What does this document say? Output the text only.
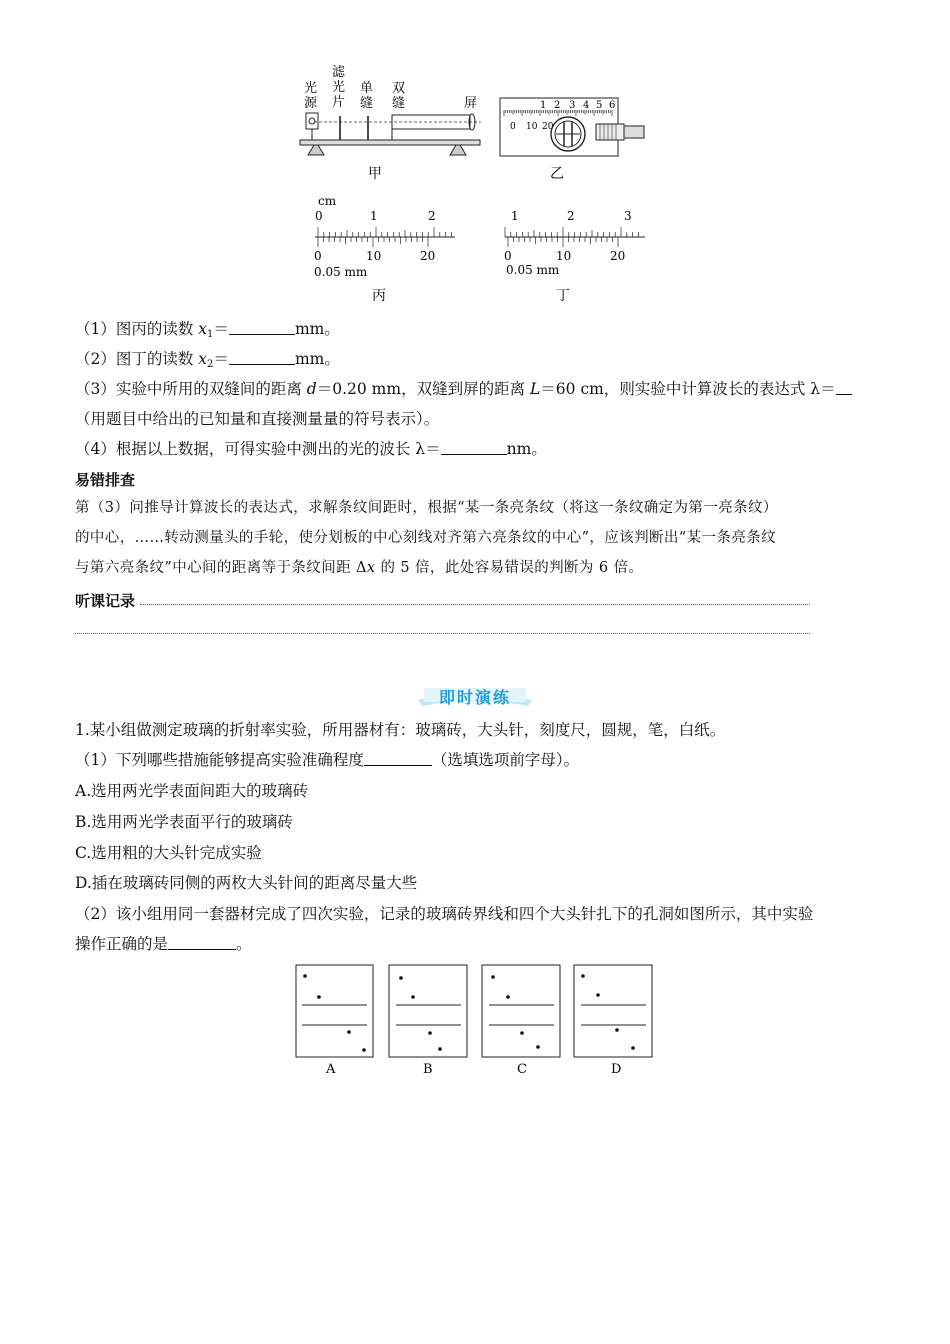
光
源
滤
光
片
单
缝
双
缝	屏
甲
1 2 3 4 5 6
0 10 20
乙
cm
0	1	2
0	10	20
0.05 mm
丙
1	2	3
0	10	20
0.05 mm
丁
（1）图丙的读数 $x_1=$	mm。
（2）图丁的读数 $x_2=$	mm。
（3）实验中所用的双缝间的距离 d＝0.20 mm，双缝到屏的距离 L＝60 cm，则实验中计算波长的表达式 λ＝
（用题目中给出的已知量和直接测量量的符号表示）。
（4）根据以上数据，可得实验中测出的光的波长 λ＝	nm。
易错排查
第（3）问推导计算波长的表达式，求解条纹间距时，根据“某一条亮条纹（将这一条纹确定为第一亮条纹）
的中心，……转动测量头的手轮，使分划板的中心刻线对齐第六亮条纹的中心”，应该判断出“某一条亮条纹
与第六亮条纹”中心间的距离等于条纹间距 Δx 的 5 倍，此处容易错误的判断为 6 倍。
听课记录
即时演练
1.某小组做测定玻璃的折射率实验，所用器材有：玻璃砖，大头针，刻度尺，圆规，笔，白纸。
（1）下列哪些措施能够提高实验准确程度	（选填选项前字母）。
A.选用两光学表面间距大的玻璃砖
B.选用两光学表面平行的玻璃砖
C.选用粗的大头针完成实验
D.插在玻璃砖同侧的两枚大头针间的距离尽量大些
（2）该小组用同一套器材完成了四次实验，记录的玻璃砖界线和四个大头针扎下的孔洞如图所示，其中实验
操作正确的是	。
A	B	C	D
